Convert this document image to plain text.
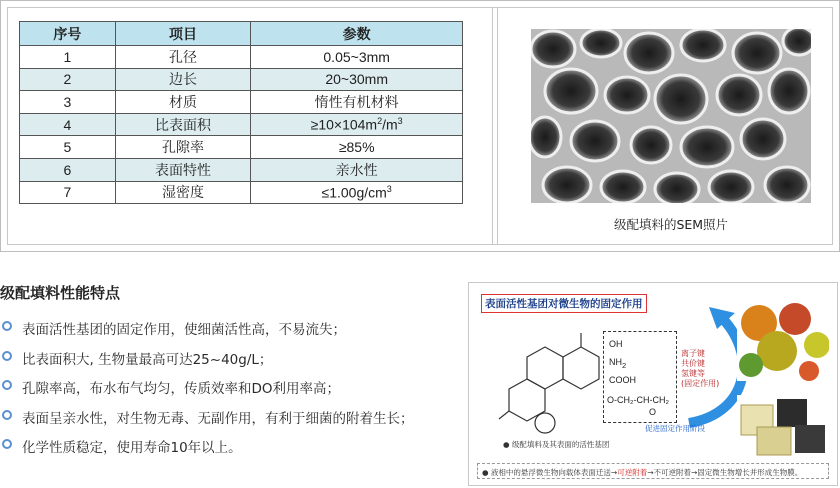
序号	项目	参数
1	孔径	0.05~3mm
2	边长	20~30mm
3	材质	惰性有机材料
4	比表面积	$\ge 10\times 104m^2/m^3$
5	孔隙率	≥85%
6	表面特性	亲水性
7	湿密度	$\le 1.00g/cm^3$
级配填料的SEM照片
级配填料性能特点
表面活性基团的固定作用，使细菌活性高，不易流失；
比表面积大, 生物量最高可达25~40g/L；
孔隙率高，布水布气均匀，传质效率和DO利用率高；
表面呈亲水性，对生物无毒、无副作用，有利于细菌的附着生长；
化学性质稳定，使用寿命10年以上。
表面活性基团对微生物的固定作用
OH
$NH_2$
COOH
O-CH₂-CH-CH₂
O
离子键
共价键
氢键等
(固定作用)
● 级配填料及其表面的活性基团
促进固定作用阶段
● 液相中的悬浮微生物向载体表面迁送→可逆附着→不可逆附着→固定微生物增长并形成生物膜。
